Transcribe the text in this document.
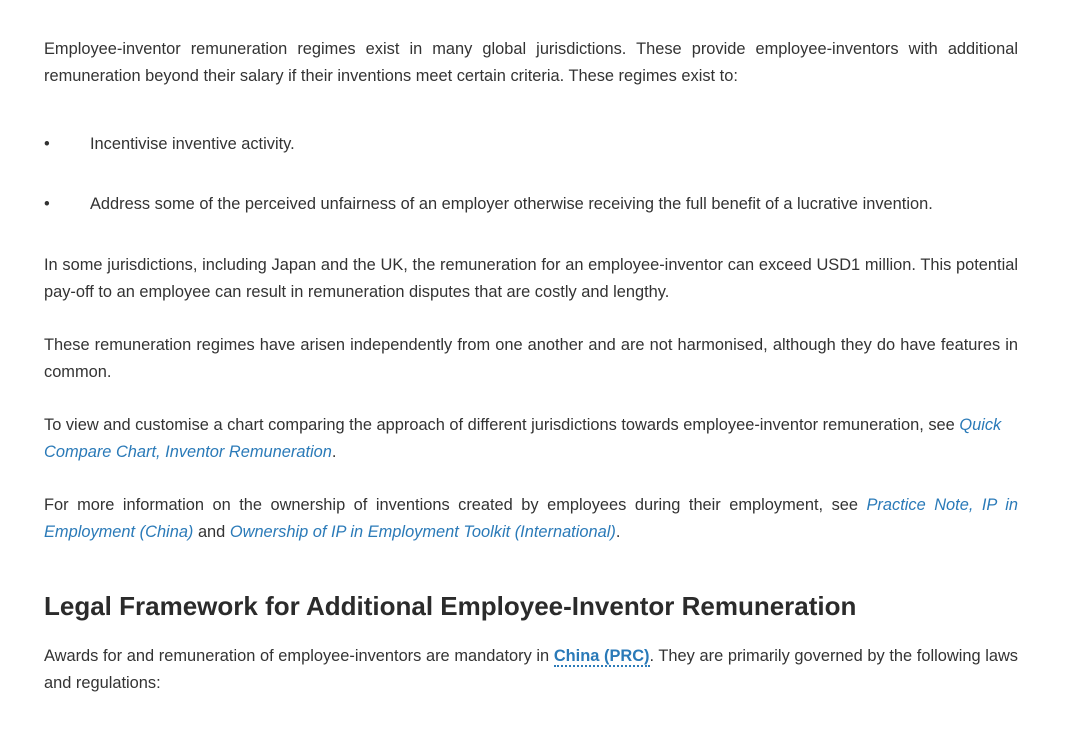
Employee-inventor remuneration regimes exist in many global jurisdictions. These provide employee-inventors with additional remuneration beyond their salary if their inventions meet certain criteria. These regimes exist to:

•	Incentivise inventive activity.
•	Address some of the perceived unfairness of an employer otherwise receiving the full benefit of a lucrative invention.

In some jurisdictions, including Japan and the UK, the remuneration for an employee-inventor can exceed USD1 million. This potential pay-off to an employee can result in remuneration disputes that are costly and lengthy.

These remuneration regimes have arisen independently from one another and are not harmonised, although they do have features in common.

To view and customise a chart comparing the approach of different jurisdictions towards employee-inventor remuneration, see Quick Compare Chart, Inventor Remuneration.

For more information on the ownership of inventions created by employees during their employment, see Practice Note, IP in Employment (China) and Ownership of IP in Employment Toolkit (International).

Legal Framework for Additional Employee-Inventor Remuneration

Awards for and remuneration of employee-inventors are mandatory in China (PRC). They are primarily governed by the following laws and regulations:
